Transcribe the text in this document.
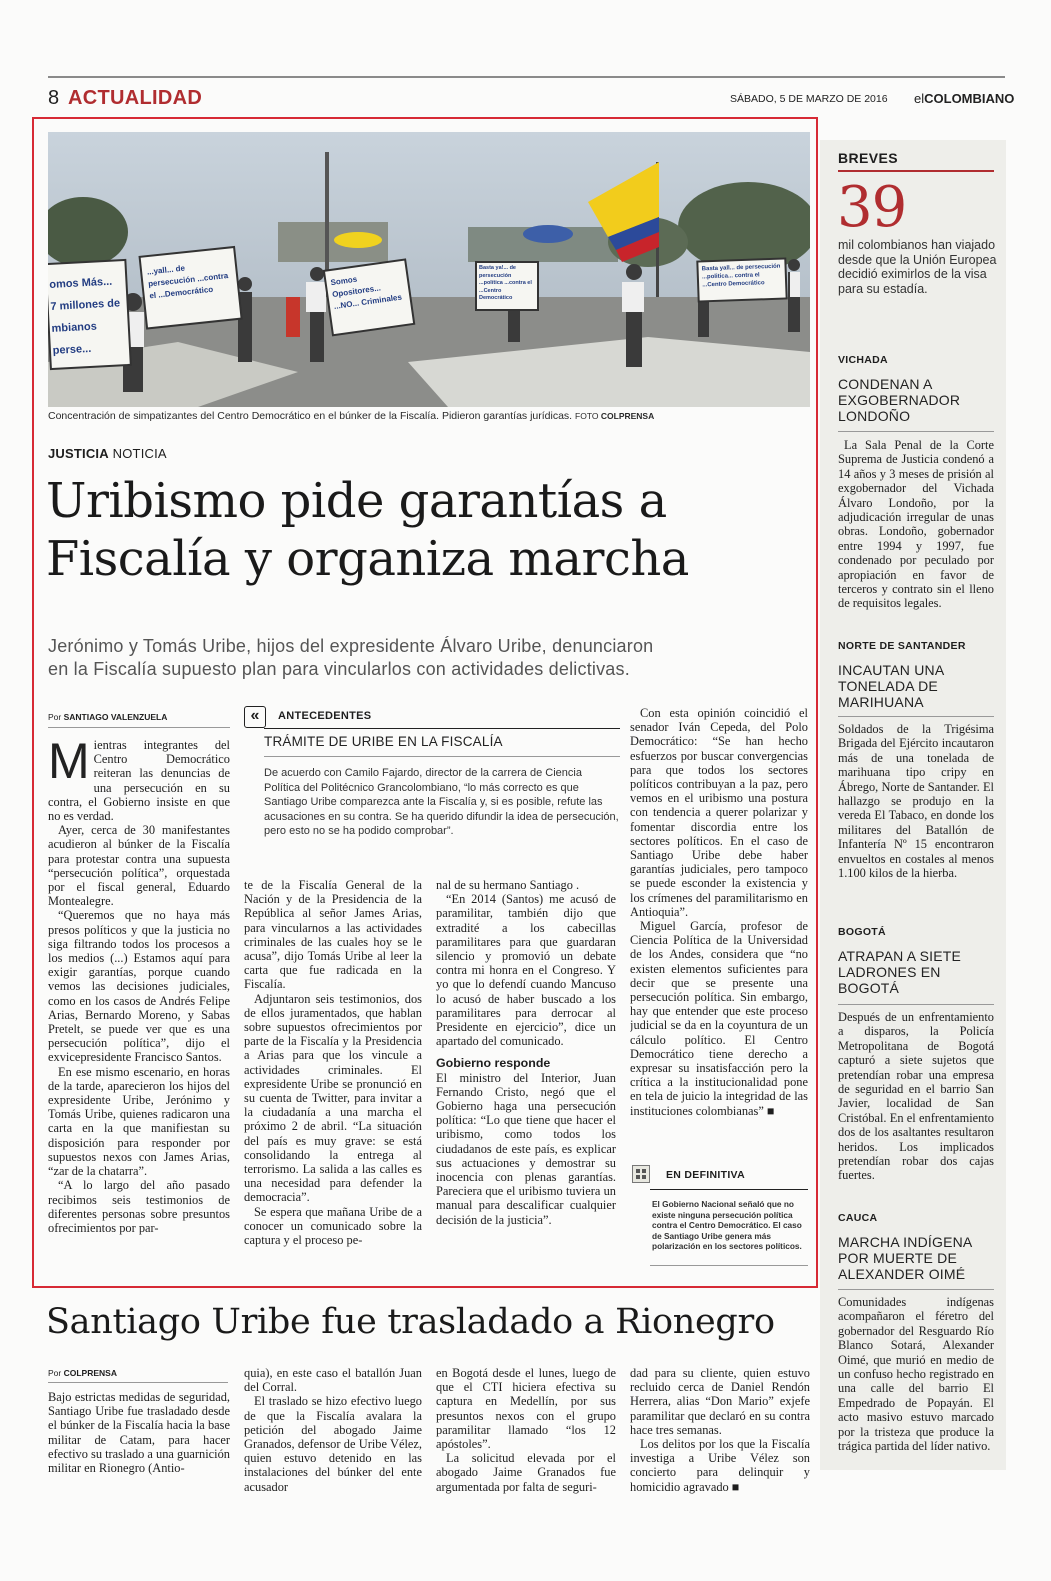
8 ACTUALIDAD	SÁBADO, 5 DE MARZO DE 2016 elCOLOMBIANO
omos Más...
7 millones de
mbianos perse...
...yall... de persecución ...contra el ...Democrático
Somos Opositores... ...NO... Criminales
Basta ya!... de persecución ...política ...contra el ...Centro Democrático
Basta yall... de persecución ...politica... contra el ...Centro Democrático
Concentración de simpatizantes del Centro Democrático en el búnker de la Fiscalía. Pidieron garantías jurídicas. FOTO COLPRENSA
JUSTICIA NOTICIA
Uribismo pide garantías a
Fiscalía y organiza marcha
Jerónimo y Tomás Uribe, hijos del expresidente Álvaro Uribe, denunciaron
en la Fiscalía supuesto plan para vincularlos con actividades delictivas.
Por SANTIAGO VALENZUELA
M ientras integrantes del Centro Democrático reiteran las denuncias de una persecución en su contra, el Gobierno insiste en que no es verdad.

Ayer, cerca de 30 manifestantes acudieron al búnker de la Fiscalía para protestar contra una supuesta “persecución política”, orquestada por el fiscal general, Eduardo Montealegre.

“Queremos que no haya más presos políticos y que la justicia no siga filtrando todos los procesos a los medios (...) Estamos aquí para exigir garantías, porque cuando vemos las decisiones judiciales, como en los casos de Andrés Felipe Arias, Bernardo Moreno, y Sabas Pretelt, se puede ver que es una persecución política”, dijo el exvicepresidente Francisco Santos.

En ese mismo escenario, en horas de la tarde, aparecieron los hijos del expresidente Uribe, Jerónimo y Tomás Uribe, quienes radicaron una carta en la que manifiestan su disposición para responder por supuestos nexos con James Arias, “zar de la chatarra”.

“A lo largo del año pasado recibimos seis testimonios de diferentes personas sobre presuntos ofrecimientos por par-

«	ANTECEDENTES
TRÁMITE DE URIBE EN LA FISCALÍA
De acuerdo con Camilo Fajardo, director de la carrera de Ciencia Política del Politécnico Grancolombiano, “lo más correcto es que Santiago Uribe comparezca ante la Fiscalía y, si es posible, refute las acusaciones en su contra. Se ha querido difundir la idea de persecución, pero esto no se ha podido comprobar”.

te de la Fiscalía General de la Nación y de la Presidencia de la República al señor James Arias, para vincularnos a las actividades criminales de las cuales hoy se le acusa”, dijo Tomás Uribe al leer la carta que fue radicada en la Fiscalía.

Adjuntaron seis testimonios, dos de ellos juramentados, que hablan sobre supuestos ofrecimientos por parte de la Fiscalía y la Presidencia a Arias para que los vincule a actividades criminales. El expresidente Uribe se pronunció en su cuenta de Twitter, para invitar a la ciudadanía a una marcha el próximo 2 de abril. “La situación del país es muy grave: se está consolidando la entrega al terrorismo. La salida a las calles es una necesidad para defender la democracia”.

Se espera que mañana Uribe de a conocer un comunicado sobre la captura y el proceso pe-

nal de su hermano Santiago .

“En 2014 (Santos) me acusó de paramilitar, también dijo que extradité a los cabecillas paramilitares para que guardaran silencio y promovió un debate contra mi honra en el Congreso. Y yo que lo defendí cuando Mancuso lo acusó de haber buscado a los paramilitares para derrocar al Presidente en ejercicio”, dice un apartado del comunicado.

Gobierno responde

El ministro del Interior, Juan Fernando Cristo, negó que el Gobierno haga una persecución política: “Lo que tiene que hacer el uribismo, como todos los ciudadanos de este país, es explicar sus actuaciones y demostrar su inocencia con plenas garantías. Pareciera que el uribismo tuviera un manual para descalificar cualquier decisión de la justicia”.

Con esta opinión coincidió el senador Iván Cepeda, del Polo Democrático: “Se han hecho esfuerzos por buscar convergencias para que todos los sectores políticos contribuyan a la paz, pero vemos en el uribismo una postura con tendencia a querer polarizar y fomentar discordia entre los sectores políticos. En el caso de Santiago Uribe debe haber garantías judiciales, pero tampoco se puede esconder la existencia y los crímenes del paramilitarismo en Antioquia”.

Miguel García, profesor de Ciencia Política de la Universidad de los Andes, considera que “no existen elementos suficientes para decir que se presente una persecución política. Sin embargo, hay que entender que este proceso judicial se da en la coyuntura de un cálculo político. El Centro Democrático tiene derecho a expresar su insatisfacción pero la crítica a la institucionalidad pone en tela de juicio la integridad de las instituciones colombianas” ■

EN DEFINITIVA
El Gobierno Nacional señaló que no existe ninguna persecución política contra el Centro Democrático. El caso de Santiago Uribe genera más polarización en los sectores políticos.
BREVES
39
mil colombianos han viajado desde que la Unión Europea decidió eximirlos de la visa para su estadía.
VICHADA
CONDENAN A EXGOBERNADOR LONDOÑO
La Sala Penal de la Corte Suprema de Justicia condenó a 14 años y 3 meses de prisión al exgobernador del Vichada Álvaro Londoño, por la adjudicación irregular de unas obras. Londoño, gobernador entre 1994 y 1997, fue condenado por peculado por apropiación en favor de terceros y contrato sin el lleno de requisitos legales.
NORTE DE SANTANDER
INCAUTAN UNA TONELADA DE MARIHUANA
Soldados de la Trigésima Brigada del Ejército incautaron más de una tonelada de marihuana tipo cripy en Ábrego, Norte de Santander. El hallazgo se produjo en la vereda El Tabaco, en donde los militares del Batallón de Infantería Nº 15 encontraron envueltos en costales al menos 1.100 kilos de la hierba.
BOGOTÁ
ATRAPAN A SIETE LADRONES EN BOGOTÁ
Después de un enfrentamiento a disparos, la Policía Metropolitana de Bogotá capturó a siete sujetos que pretendían robar una empresa de seguridad en el barrio San Javier, localidad de San Cristóbal. En el enfrentamiento dos de los asaltantes resultaron heridos. Los implicados pretendían robar dos cajas fuertes.
CAUCA
MARCHA INDÍGENA POR MUERTE DE ALEXANDER OIMÉ
Comunidades indígenas acompañaron el féretro del gobernador del Resguardo Río Blanco Sotará, Alexander Oimé, que murió en medio de un confuso hecho registrado en una calle del barrio El Empedrado de Popayán. El acto masivo estuvo marcado por la tristeza que produce la trágica partida del líder nativo.
Santiago Uribe fue trasladado a Rionegro
Por COLPRENSA

Bajo estrictas medidas de seguridad, Santiago Uribe fue trasladado desde el búnker de la Fiscalía hacia la base militar de Catam, para hacer efectivo su traslado a una guarnición militar en Rionegro (Antio-

quia), en este caso el batallón Juan del Corral.

El traslado se hizo efectivo luego de que la Fiscalía avalara la petición del abogado Jaime Granados, defensor de Uribe Vélez, quien estuvo detenido en las instalaciones del búnker del ente acusador

en Bogotá desde el lunes, luego de que el CTI hiciera efectiva su captura en Medellín, por sus presuntos nexos con el grupo paramilitar llamado “los 12 apóstoles”.

La solicitud elevada por el abogado Jaime Granados fue argumentada por falta de seguri-

dad para su cliente, quien estuvo recluido cerca de Daniel Rendón Herrera, alias “Don Mario” exjefe paramilitar que declaró en su contra hace tres semanas.

Los delitos por los que la Fiscalía investiga a Uribe Vélez son concierto para delinquir y homicidio agravado ■
